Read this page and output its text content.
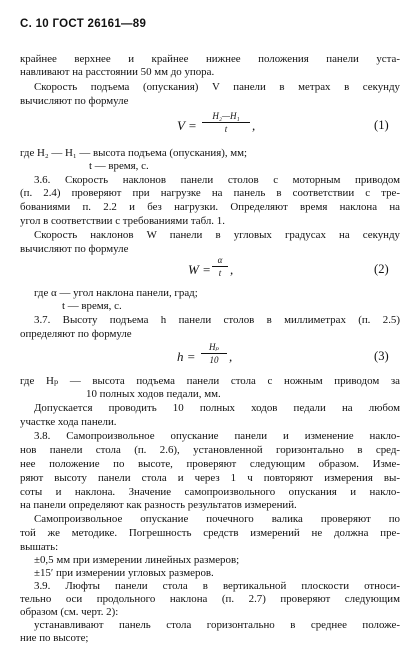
С. 10 ГОСТ 26161—89
крайнее верхнее и крайнее нижнее положения панели уста-
навливают на расстоянии 50 мм до упора.
Скорость подъема (опускания) V панели в метрах в секунду
вычисляют по формуле
V =
H₂—H₁
t	,	(1)
где H₂ — H₁ — высота подъема (опускания), мм;
t — время, с.
3.6. Скорость наклонов панели столов с моторным приводом
(п. 2.4) проверяют при нагрузке на панель в соответствии с тре-
бованиями п. 2.2 и без нагрузки. Определяют время наклона на
угол в соответствии с требованиями табл. 1.
Скорость наклонов W панели в угловых градусах на секунду
вычисляют по формуле
W =
α
t ,	(2)
где α — угол наклона панели, град;
t — время, с.
3.7. Высоту подъема h панели столов в миллиметрах (п. 2.5)
определяют по формуле
h =
Hₚ
10 ,	(3)
где Hₚ — высота подъема панели стола с ножным приводом за
10 полных ходов педали, мм.
Допускается проводить 10 полных ходов педали на любом
участке хода панели.
3.8. Самопроизвольное опускание панели и изменение накло-
нов панели стола (п. 2.6), установленной горизонтально в сред-
нее положение по высоте, проверяют следующим образом. Изме-
ряют высоту панели стола и через 1 ч повторяют измерения вы-
соты и наклона. Значение самопроизвольного опускания и накло-
на панели определяют как разность результатов измерений.
Самопроизвольное опускание почечного валика проверяют по
той же методике. Погрешность средств измерений не должна пре-
вышать:
±0,5 мм при измерении линейных размеров;
±15′ при измерении угловых размеров.
3.9. Люфты панели стола в вертикальной плоскости относи-
тельно оси продольного наклона (п. 2.7) проверяют следующим
образом (см. черт. 2):
устанавливают панель стола горизонтально в среднее положе-
ние по высоте;
